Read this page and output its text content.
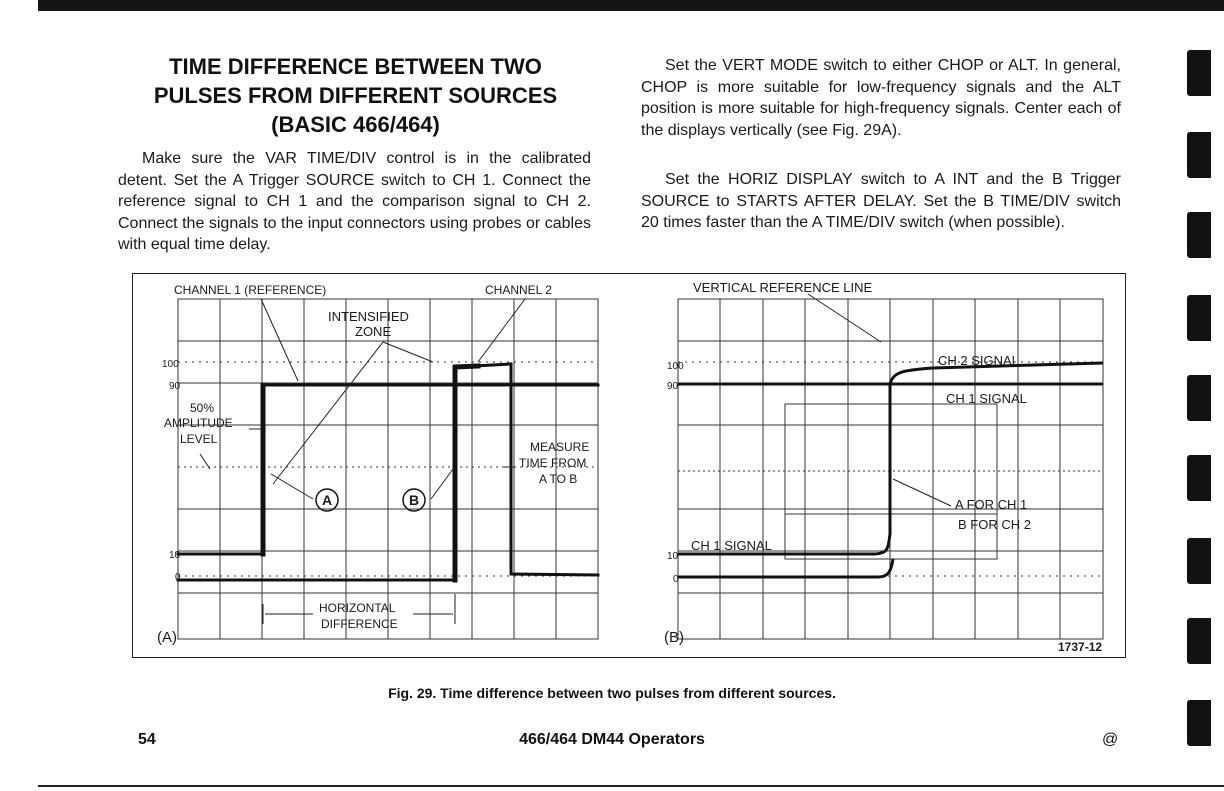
TIME DIFFERENCE BETWEEN TWO
PULSES FROM DIFFERENT SOURCES
(BASIC 466/464)

Make sure the VAR TIME/DIV control is in the calibrated detent. Set the A Trigger SOURCE switch to CH 1. Connect the reference signal to CH 1 and the comparison signal to CH 2. Connect the signals to the input connectors using probes or cables with equal time delay.

Set the VERT MODE switch to either CHOP or ALT. In general, CHOP is more suitable for low-frequency signals and the ALT position is more suitable for high-frequency signals. Center each of the displays vertically (see Fig. 29A).

Set the HORIZ DISPLAY switch to A INT and the B Trigger SOURCE to STARTS AFTER DELAY. Set the B TIME/DIV switch 20 times faster than the A TIME/DIV switch (when possible).

CHANNEL 1 (REFERENCE)	CHANNEL 2
INTENSIFIED
ZONE
100
90
10
0
50%
AMPLITUDE
LEVEL
MEASURE
TIME FROM
A TO B
A	B
HORIZONTAL
DIFFERENCE
(A)
VERTICAL REFERENCE LINE
CH 2 SIGNAL
CH 1 SIGNAL
A FOR CH 1
B FOR CH 2
CH 1 SIGNAL
100
90
10
0
(B)
1737-12
Fig. 29. Time difference between two pulses from different sources.
54	466/464 DM44 Operators	@
